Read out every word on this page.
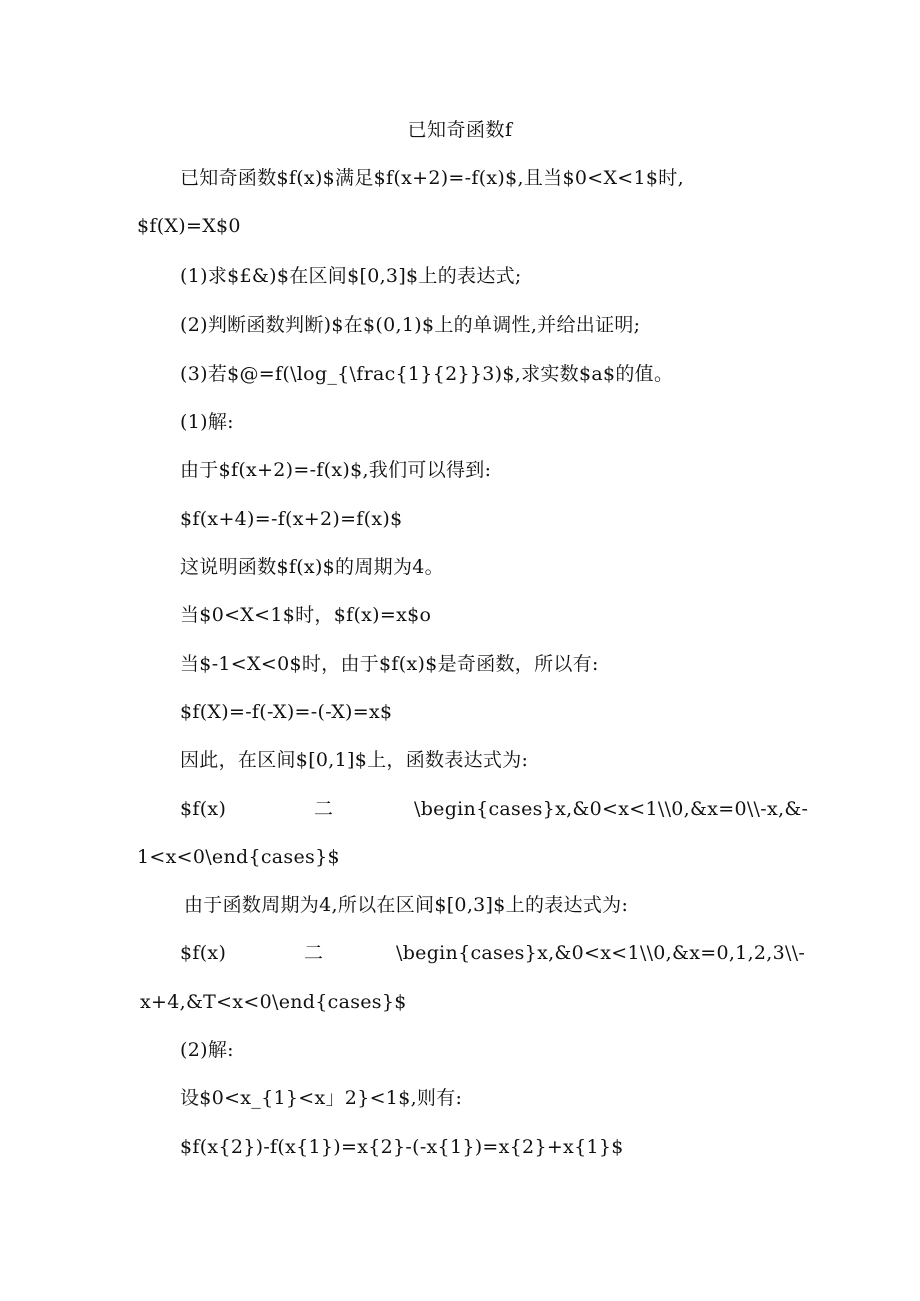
已知奇函数f
已知奇函数$f(x)$满足$f(x+2)=-f(x)$,且当$0<X<1$时,
$f(X)=X$0
(1)求$£&)$在区间$[0,3]$上的表达式;
(2)判断函数判断)$在$(0,1)$上的单调性,并给出证明;
(3)若$@=f(\log_{\frac{1}{2}}3)$,求实数$a$的值。
(1)解:
由于$f(x+2)=-f(x)$,我们可以得到:
$f(x+4)=-f(x+2)=f(x)$
这说明函数$f(x)$的周期为4。
当$0<X<1$时，$f(x)=x$o
当$-1<X<0$时，由于$f(x)$是奇函数，所以有:
$f(X)=-f(-X)=-(-X)=x$
因此，在区间$[0,1]$上，函数表达式为:
$f(x)	二	\begin{cases}x,&0<x<1\\0,&x=0\\-x,&-
1<x<0\end{cases}$
由于函数周期为4,所以在区间$[0,3]$上的表达式为:
$f(x)	二	\begin{cases}x,&0<x<1\\0,&x=0,1,2,3\\-
x+4,&T<x<0\end{cases}$
(2)解:
设$0<x_{1}<x」2}<1$,则有:
$f(x{2})-f(x{1})=x{2}-(-x{1})=x{2}+x{1}$
